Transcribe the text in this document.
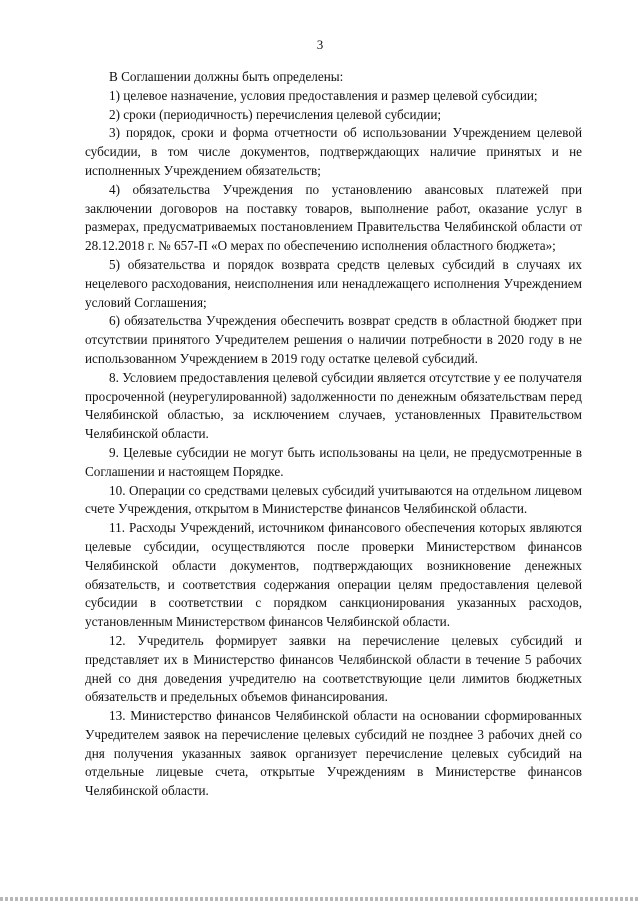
3

В Соглашении должны быть определены:

1) целевое назначение, условия предоставления и размер целевой субсидии;

2) сроки (периодичность) перечисления целевой субсидии;

3) порядок, сроки и форма отчетности об использовании Учреждением целевой субсидии, в том числе документов, подтверждающих наличие принятых и не исполненных Учреждением обязательств;

4) обязательства Учреждения по установлению авансовых платежей при заключении договоров на поставку товаров, выполнение работ, оказание услуг в размерах, предусматриваемых постановлением Правительства Челябинской области от 28.12.2018 г. № 657-П «О мерах по обеспечению исполнения областного бюджета»;

5) обязательства и порядок возврата средств целевых субсидий в случаях их нецелевого расходования, неисполнения или ненадлежащего исполнения Учреждением условий Соглашения;

6) обязательства Учреждения обеспечить возврат средств в областной бюджет при отсутствии принятого Учредителем решения о наличии потребности в 2020 году в не использованном Учреждением в 2019 году остатке целевой субсидий.

8. Условием предоставления целевой субсидии является отсутствие у ее получателя просроченной (неурегулированной) задолженности по денежным обязательствам перед Челябинской областью, за исключением случаев, установленных Правительством Челябинской области.

9. Целевые субсидии не могут быть использованы на цели, не предусмотренные в Соглашении и настоящем Порядке.

10. Операции со средствами целевых субсидий учитываются на отдельном лицевом счете Учреждения, открытом в Министерстве финансов Челябинской области.

11. Расходы Учреждений, источником финансового обеспечения которых являются целевые субсидии, осуществляются после проверки Министерством финансов Челябинской области документов, подтверждающих возникновение денежных обязательств, и соответствия содержания операции целям предоставления целевой субсидии в соответствии с порядком санкционирования указанных расходов, установленным Министерством финансов Челябинской области.

12. Учредитель формирует заявки на перечисление целевых субсидий и представляет их в Министерство финансов Челябинской области в течение 5 рабочих дней со дня доведения учредителю на соответствующие цели лимитов бюджетных обязательств и предельных объемов финансирования.

13. Министерство финансов Челябинской области на основании сформированных Учредителем заявок на перечисление целевых субсидий не позднее 3 рабочих дней со дня получения указанных заявок организует перечисление целевых субсидий на отдельные лицевые счета, открытые Учреждениям в Министерстве финансов Челябинской области.
